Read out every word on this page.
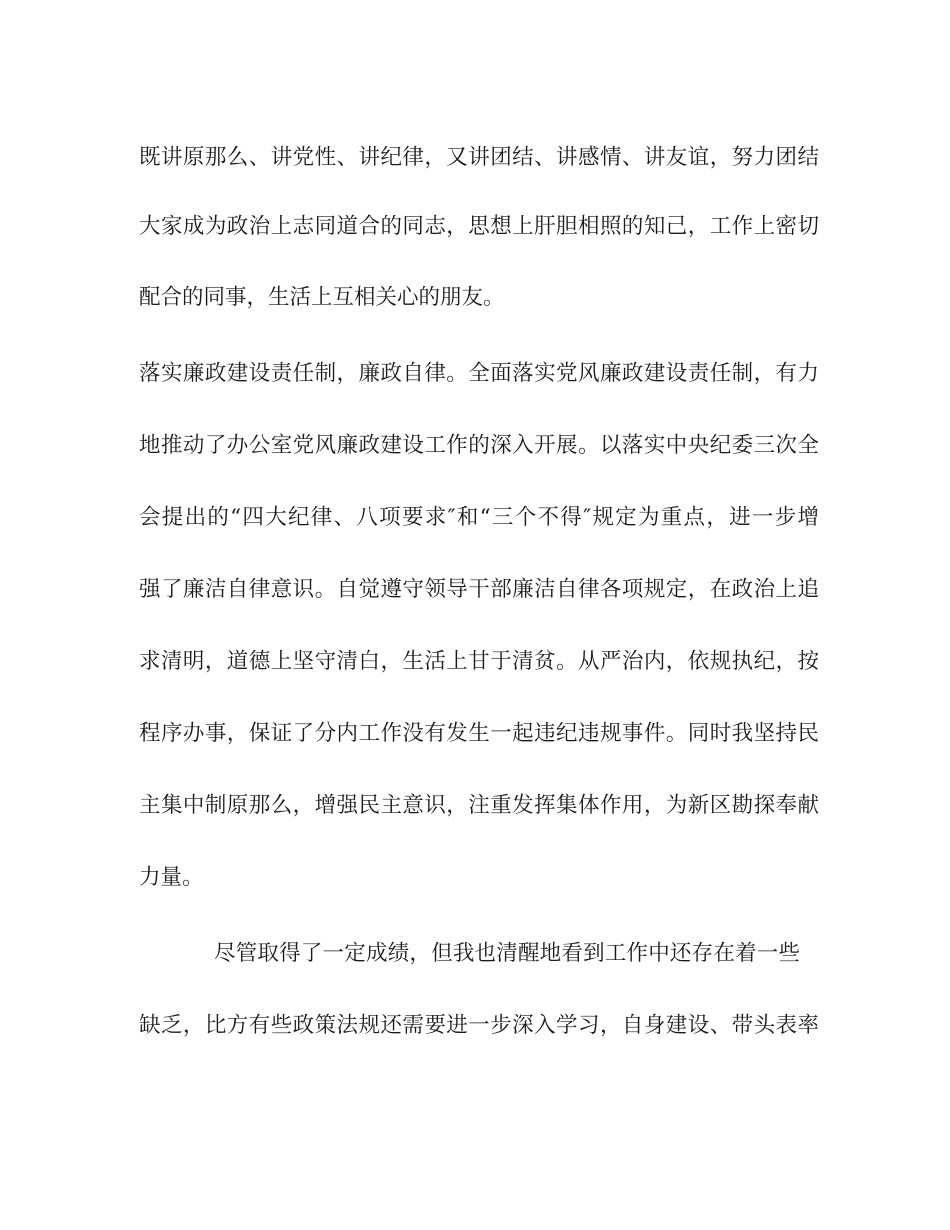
既讲原那么、讲党性、讲纪律，又讲团结、讲感情、讲友谊，努力团结
大家成为政治上志同道合的同志，思想上肝胆相照的知己，工作上密切
配合的同事，生活上互相关心的朋友。
落实廉政建设责任制，廉政自律。全面落实党风廉政建设责任制，有力
地推动了办公室党风廉政建设工作的深入开展。以落实中央纪委三次全
会提出的“四大纪律、八项要求″和“三个不得″规定为重点，进一步增
强了廉洁自律意识。自觉遵守领导干部廉洁自律各项规定，在政治上追
求清明，道德上坚守清白，生活上甘于清贫。从严治内，依规执纪，按
程序办事，保证了分内工作没有发生一起违纪违规事件。同时我坚持民
主集中制原那么，增强民主意识，注重发挥集体作用，为新区勘探奉献
力量。
尽管取得了一定成绩，但我也清醒地看到工作中还存在着一些
缺乏，比方有些政策法规还需要进一步深入学习，自身建设、带头表率
